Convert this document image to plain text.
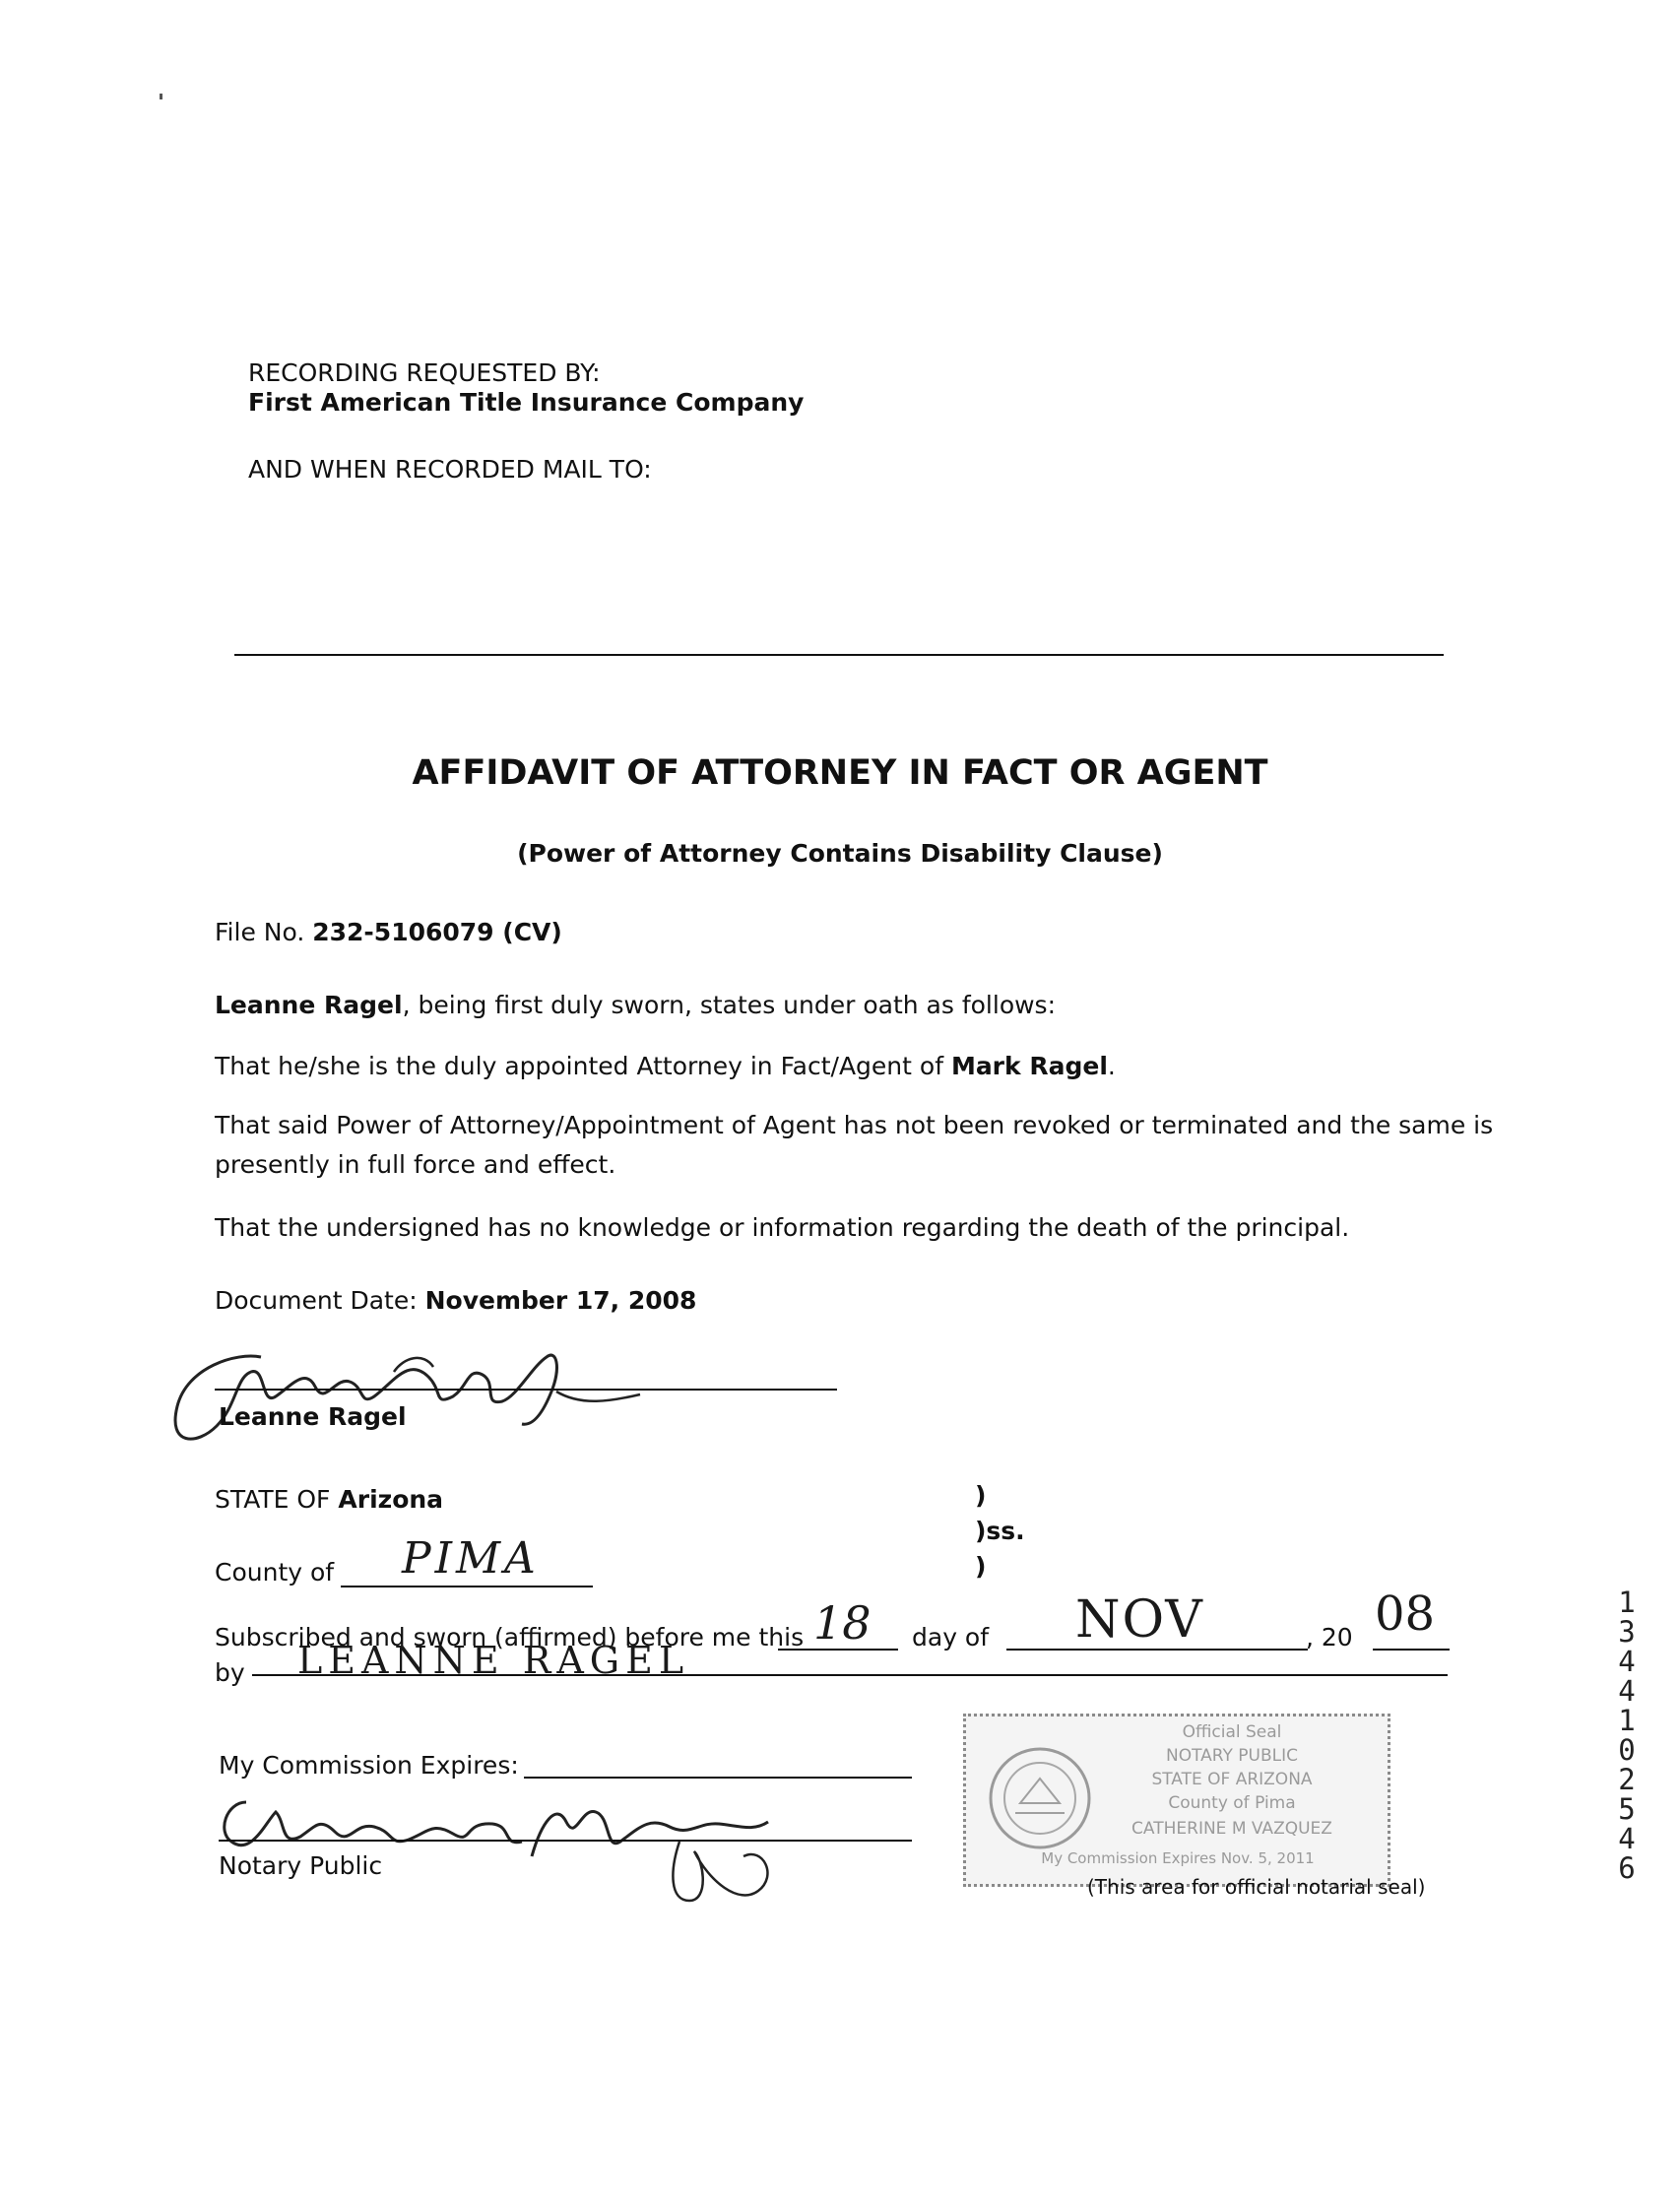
RECORDING REQUESTED BY:
First American Title Insurance Company
AND WHEN RECORDED MAIL TO:
AFFIDAVIT OF ATTORNEY IN FACT OR AGENT
(Power of Attorney Contains Disability Clause)
File No. 232-5106079 (CV)
Leanne Ragel, being first duly sworn, states under oath as follows:
That he/she is the duly appointed Attorney in Fact/Agent of Mark Ragel.
That said Power of Attorney/Appointment of Agent has not been revoked or terminated and the same is
presently in full force and effect.
That the undersigned has no knowledge or information regarding the death of the principal.
Document Date: November 17, 2008
Leanne Ragel
STATE OF Arizona	)
)ss.
)
County of PIMA
Subscribed and sworn (affirmed) before me this 18 day of NOV	, 20 08
by LEANNE RAGEL
My Commission Expires:
Notary Public
Official Seal
NOTARY PUBLIC
STATE OF ARIZONA
County of Pima
CATHERINE M VAZQUEZ
My Commission Expires Nov. 5, 2011
(This area for official notarial seal)
1
3
4
4
1
0
2
5
4
6
